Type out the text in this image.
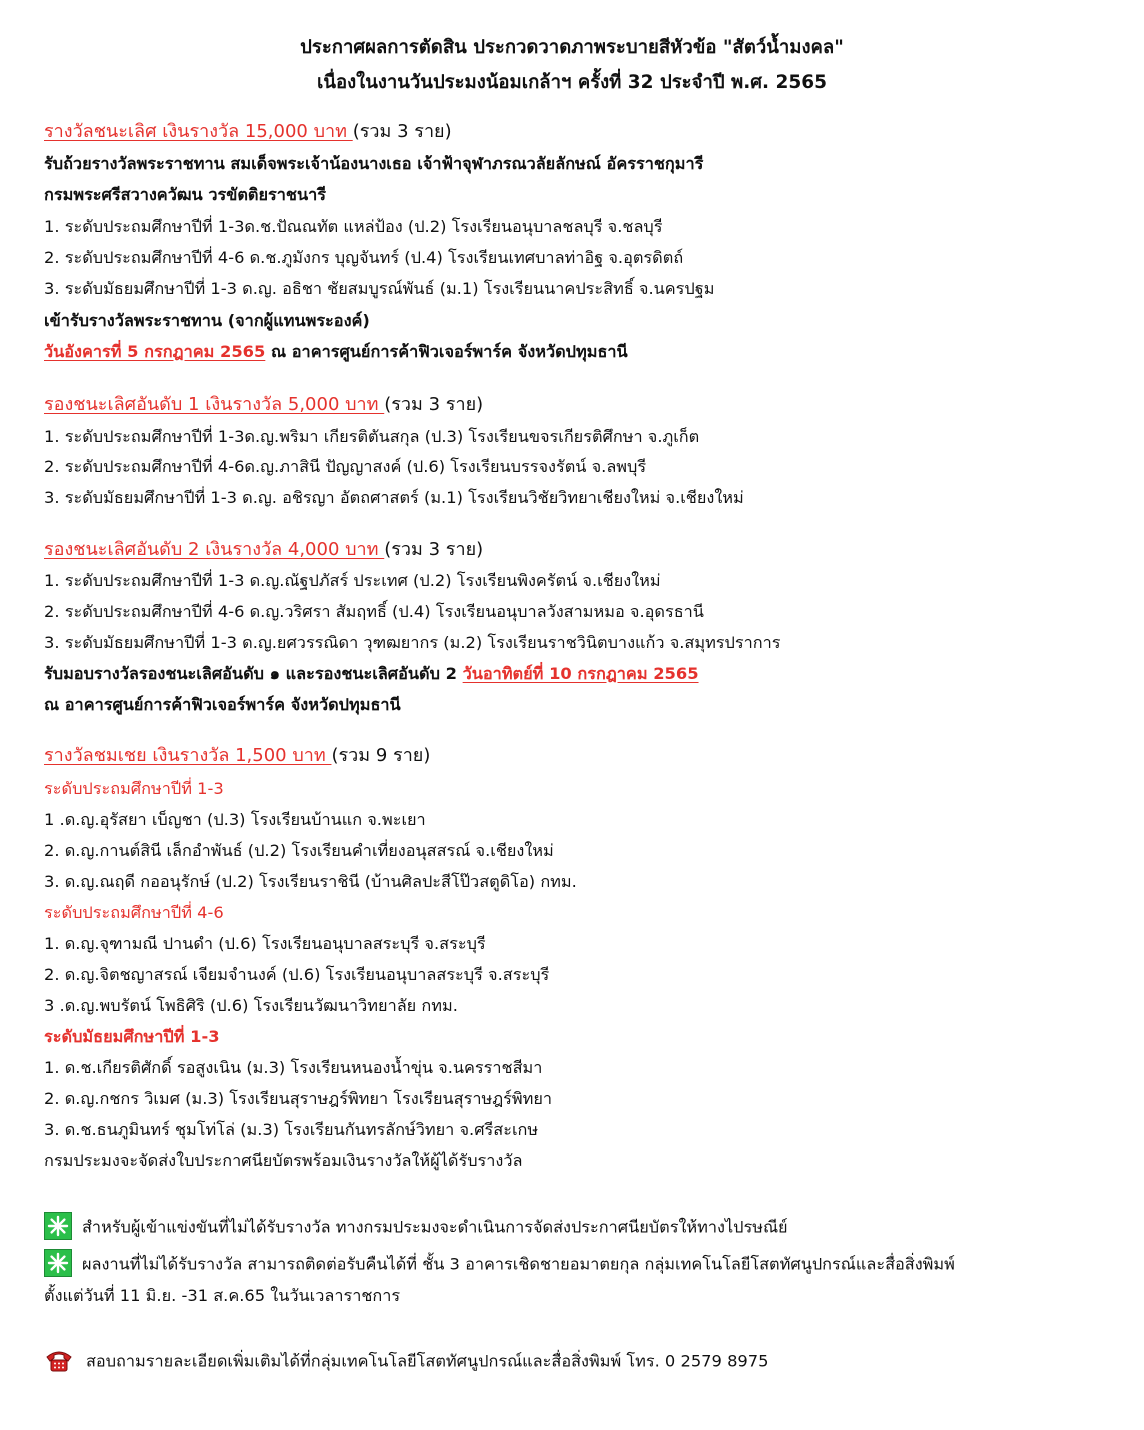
ประกาศผลการตัดสิน ประกวดวาดภาพระบายสีหัวข้อ "สัตว์น้ำมงคล"
เนื่องในงานวันประมงน้อมเกล้าฯ ครั้งที่ 32 ประจำปี พ.ศ. 2565
รางวัลชนะเลิศ เงินรางวัล 15,000 บาท (รวม 3 ราย)
รับถ้วยรางวัลพระราชทาน สมเด็จพระเจ้าน้องนางเธอ เจ้าฟ้าจุฬาภรณวลัยลักษณ์ อัครราชกุมารี
กรมพระศรีสวางควัฒน วรขัตติยราชนารี
1. ระดับประถมศึกษาปีที่ 1-3ด.ช.ปัณณทัต แหล่ป้อง (ป.2) โรงเรียนอนุบาลชลบุรี จ.ชลบุรี
2. ระดับประถมศึกษาปีที่ 4-6 ด.ช.ภูมังกร บุญจันทร์ (ป.4) โรงเรียนเทศบาลท่าอิฐ จ.อุตรดิตถ์
3. ระดับมัธยมศึกษาปีที่ 1-3 ด.ญ. อธิชา ชัยสมบูรณ์พันธ์ (ม.1) โรงเรียนนาคประสิทธิ์ จ.นครปฐม
เข้ารับรางวัลพระราชทาน (จากผู้แทนพระองค์)
วันอังคารที่ 5 กรกฎาคม 2565 ณ อาคารศูนย์การค้าฟิวเจอร์พาร์ค จังหวัดปทุมธานี
รองชนะเลิศอันดับ 1 เงินรางวัล 5,000 บาท (รวม 3 ราย)
1. ระดับประถมศึกษาปีที่ 1-3ด.ญ.พริมา เกียรติตันสกุล (ป.3) โรงเรียนขจรเกียรติศึกษา จ.ภูเก็ต
2. ระดับประถมศึกษาปีที่ 4-6ด.ญ.ภาสินี ปัญญาสงค์ (ป.6) โรงเรียนบรรจงรัตน์ จ.ลพบุรี
3. ระดับมัธยมศึกษาปีที่ 1-3 ด.ญ. อชิรญา อัตถศาสตร์ (ม.1) โรงเรียนวิชัยวิทยาเชียงใหม่ จ.เชียงใหม่
รองชนะเลิศอันดับ 2 เงินรางวัล 4,000 บาท (รวม 3 ราย)
1. ระดับประถมศึกษาปีที่ 1-3 ด.ญ.ณัฐปภัสร์ ประเทศ (ป.2) โรงเรียนพิงครัตน์ จ.เชียงใหม่
2. ระดับประถมศึกษาปีที่ 4-6 ด.ญ.วริศรา สัมฤทธิ์ (ป.4) โรงเรียนอนุบาลวังสามหมอ จ.อุดรธานี
3. ระดับมัธยมศึกษาปีที่ 1-3 ด.ญ.ยศวรรณิดา วุฑฒยากร (ม.2) โรงเรียนราชวินิตบางแก้ว จ.สมุทรปราการ
รับมอบรางวัลรองชนะเลิศอันดับ ๑ และรองชนะเลิศอันดับ 2 วันอาทิตย์ที่ 10 กรกฎาคม 2565
ณ อาคารศูนย์การค้าฟิวเจอร์พาร์ค จังหวัดปทุมธานี
รางวัลชมเชย เงินรางวัล 1,500 บาท (รวม 9 ราย)
ระดับประถมศึกษาปีที่ 1-3
1 .ด.ญ.อุรัสยา เบ็ญชา (ป.3) โรงเรียนบ้านแก จ.พะเยา
2. ด.ญ.กานต์สินี เล็กอำพันธ์ (ป.2) โรงเรียนคำเที่ยงอนุสสรณ์ จ.เชียงใหม่
3. ด.ญ.ณฤดี กออนุรักษ์ (ป.2) โรงเรียนราชินี (บ้านศิลปะสีโป๊วสตูดิโอ) กทม.
ระดับประถมศึกษาปีที่ 4-6
1. ด.ญ.จุฑามณี ปานดำ (ป.6) โรงเรียนอนุบาลสระบุรี จ.สระบุรี
2. ด.ญ.จิตชญาสรณ์ เจียมจำนงค์ (ป.6) โรงเรียนอนุบาลสระบุรี จ.สระบุรี
3 .ด.ญ.พบรัตน์ โพธิศิริ (ป.6) โรงเรียนวัฒนาวิทยาลัย กทม.
ระดับมัธยมศึกษาปีที่ 1-3
1. ด.ช.เกียรติศักดิ์ รอสูงเนิน (ม.3) โรงเรียนหนองน้ำขุ่น จ.นครราชสีมา
2. ด.ญ.กชกร วิเมศ (ม.3) โรงเรียนสุราษฎร์พิทยา โรงเรียนสุราษฎร์พิทยา
3. ด.ช.ธนภูมินทร์ ชุมโท่โล่ (ม.3) โรงเรียนกันทรลักษ์วิทยา จ.ศรีสะเกษ
กรมประมงจะจัดส่งใบประกาศนียบัตรพร้อมเงินรางวัลให้ผู้ได้รับรางวัล
สำหรับผู้เข้าแข่งขันที่ไม่ได้รับรางวัล ทางกรมประมงจะดำเนินการจัดส่งประกาศนียบัตรให้ทางไปรษณีย์
ผลงานที่ไม่ได้รับรางวัล สามารถติดต่อรับคืนได้ที่ ชั้น 3 อาคารเชิดชายอมาตยกุล กลุ่มเทคโนโลยีโสตทัศนูปกรณ์และสื่อสิ่งพิมพ์
ตั้งแต่วันที่ 11 มิ.ย. -31 ส.ค.65 ในวันเวลาราชการ
สอบถามรายละเอียดเพิ่มเติมได้ที่กลุ่มเทคโนโลยีโสตทัศนูปกรณ์และสื่อสิ่งพิมพ์ โทร. 0 2579 8975
